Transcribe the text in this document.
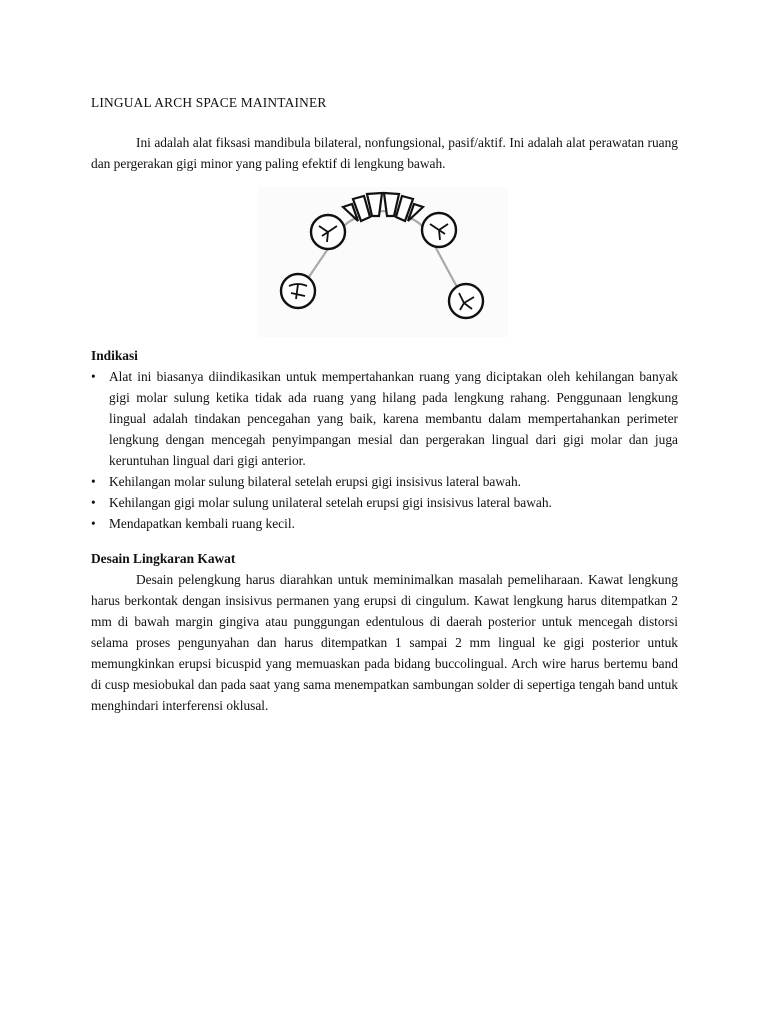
LINGUAL ARCH SPACE MAINTAINER

Ini adalah alat fiksasi mandibula bilateral, nonfungsional, pasif/aktif. Ini adalah alat perawatan ruang dan pergerakan gigi minor yang paling efektif di lengkung bawah.

Indikasi

• Alat ini biasanya diindikasikan untuk mempertahankan ruang yang diciptakan oleh kehilangan banyak gigi molar sulung ketika tidak ada ruang yang hilang pada lengkung rahang. Penggunaan lengkung lingual adalah tindakan pencegahan yang baik, karena membantu dalam mempertahankan perimeter lengkung dengan mencegah penyimpangan mesial dan pergerakan lingual dari gigi molar dan juga keruntuhan lingual dari gigi anterior.
• Kehilangan molar sulung bilateral setelah erupsi gigi insisivus lateral bawah.
• Kehilangan gigi molar sulung unilateral setelah erupsi gigi insisivus lateral bawah.
• Mendapatkan kembali ruang kecil.

Desain Lingkaran Kawat

Desain pelengkung harus diarahkan untuk meminimalkan masalah pemeliharaan. Kawat lengkung harus berkontak dengan insisivus permanen yang erupsi di cingulum. Kawat lengkung harus ditempatkan 2 mm di bawah margin gingiva atau punggungan edentulous di daerah posterior untuk mencegah distorsi selama proses pengunyahan dan harus ditempatkan 1 sampai 2 mm lingual ke gigi posterior untuk memungkinkan erupsi bicuspid yang memuaskan pada bidang buccolingual. Arch wire harus bertemu band di cusp mesiobukal dan pada saat yang sama menempatkan sambungan solder di sepertiga tengah band untuk menghindari interferensi oklusal.
